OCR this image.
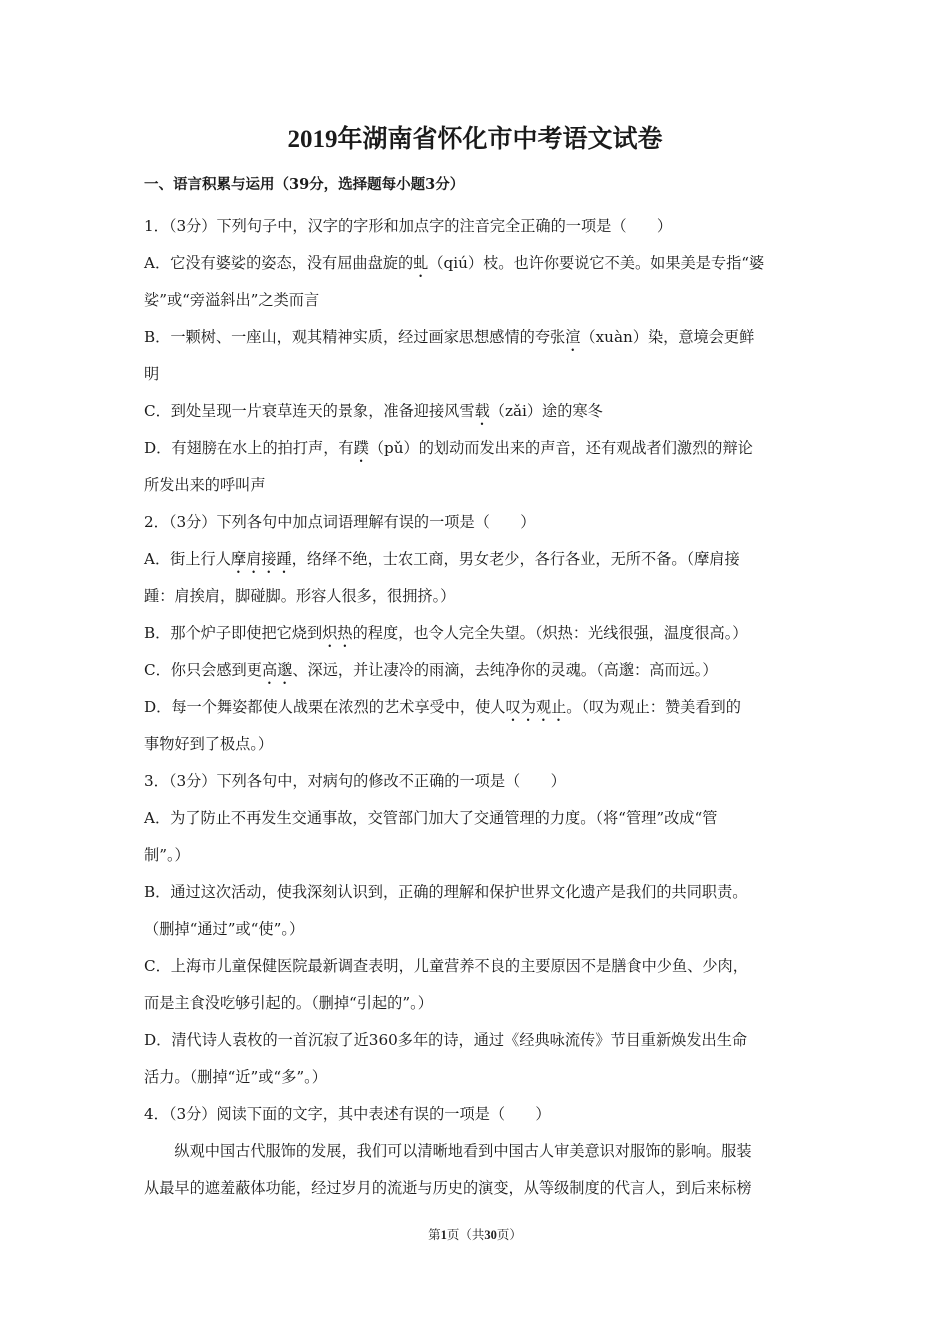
2019年湖南省怀化市中考语文试卷
一、语言积累与运用（39分，选择题每小题3分）
1．（3分）下列句子中，汉字的字形和加点字的注音完全正确的一项是（　　）
A．它没有婆娑的姿态，没有屈曲盘旋的虬（qiú）枝。也许你要说它不美。如果美是专指“婆
娑”或“旁溢斜出”之类而言
B．一颗树、一座山，观其精神实质，经过画家思想感情的夸张渲（xuàn）染，意境会更鲜
明
C．到处呈现一片衰草连天的景象，准备迎接风雪载（zǎi）途的寒冬
D．有翅膀在水上的拍打声，有蹼（pǔ）的划动而发出来的声音，还有观战者们激烈的辩论
所发出来的呼叫声
2．（3分）下列各句中加点词语理解有误的一项是（　　）
A．街上行人摩肩接踵，络绎不绝，士农工商，男女老少，各行各业，无所不备。（摩肩接
踵：肩挨肩，脚碰脚。形容人很多，很拥挤。）
B．那个炉子即使把它烧到炽热的程度，也令人完全失望。（炽热：光线很强，温度很高。）
C．你只会感到更高邈、深远，并让凄冷的雨滴，去纯净你的灵魂。（高邈：高而远。）
D．每一个舞姿都使人战栗在浓烈的艺术享受中，使人叹为观止。（叹为观止：赞美看到的
事物好到了极点。）
3．（3分）下列各句中，对病句的修改不正确的一项是（　　）
A．为了防止不再发生交通事故，交管部门加大了交通管理的力度。（将“管理”改成“管
制”。）
B．通过这次活动，使我深刻认识到，正确的理解和保护世界文化遗产是我们的共同职责。
（删掉“通过”或“使”。）
C．上海市儿童保健医院最新调查表明，儿童营养不良的主要原因不是膳食中少鱼、少肉，
而是主食没吃够引起的。（删掉“引起的”。）
D．清代诗人袁枚的一首沉寂了近360多年的诗，通过《经典咏流传》节目重新焕发出生命
活力。（删掉“近”或“多”。）
4．（3分）阅读下面的文字，其中表述有误的一项是（　　）
纵观中国古代服饰的发展，我们可以清晰地看到中国古人审美意识对服饰的影响。服装
从最早的遮羞蔽体功能，经过岁月的流逝与历史的演变，从等级制度的代言人，到后来标榜
第1页（共30页）
